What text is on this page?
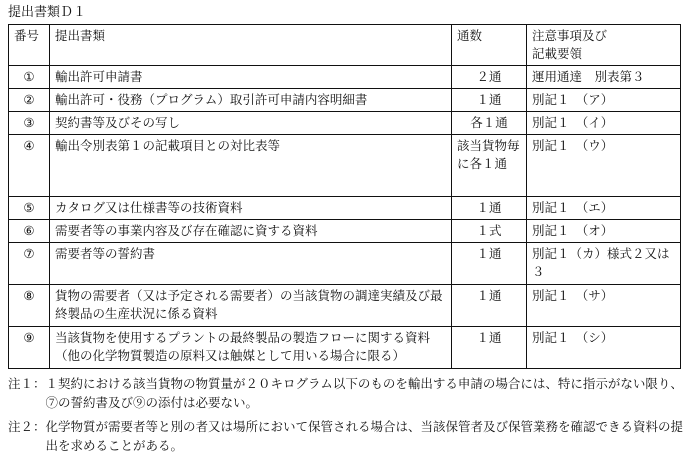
提出書類Ｄ１
番号	提出書類	通数	注意事項及び
記載要領

①	輸出許可申請書	２通	運用通達　別表第３
②	輸出許可・役務（プログラム）取引許可申請内容明細書	１通	別記１　（ア）
③	契約書等及びその写し	各１通	別記１　（イ）
④	輸出令別表第１の記載項目との対比表等	該当貨物毎に各１通	別記１　（ウ）
⑤	カタログ又は仕様書等の技術資料	１通	別記１　（エ）
⑥	需要者等の事業内容及び存在確認に資する資料	１式	別記１　（オ）
⑦	需要者等の誓約書	１通	別記１（カ）様式２又は３
⑧	貨物の需要者（又は予定される需要者）の当該貨物の調達実績及び最終製品の生産状況に係る資料	１通	別記１　（サ）
⑨	当該貨物を使用するプラントの最終製品の製造フローに関する資料（他の化学物質製造の原料又は触媒として用いる場合に限る）	１通	別記１　（シ）
注１： １契約における該当貨物の物質量が２０キログラム以下のものを輸出する申請の場合には、特に指示がない限り、⑦の誓約書及び⑨の添付は必要ない。
注２： 化学物質が需要者等と別の者又は場所において保管される場合は、当該保管者及び保管業務を確認できる資料の提出を求めることがある。
